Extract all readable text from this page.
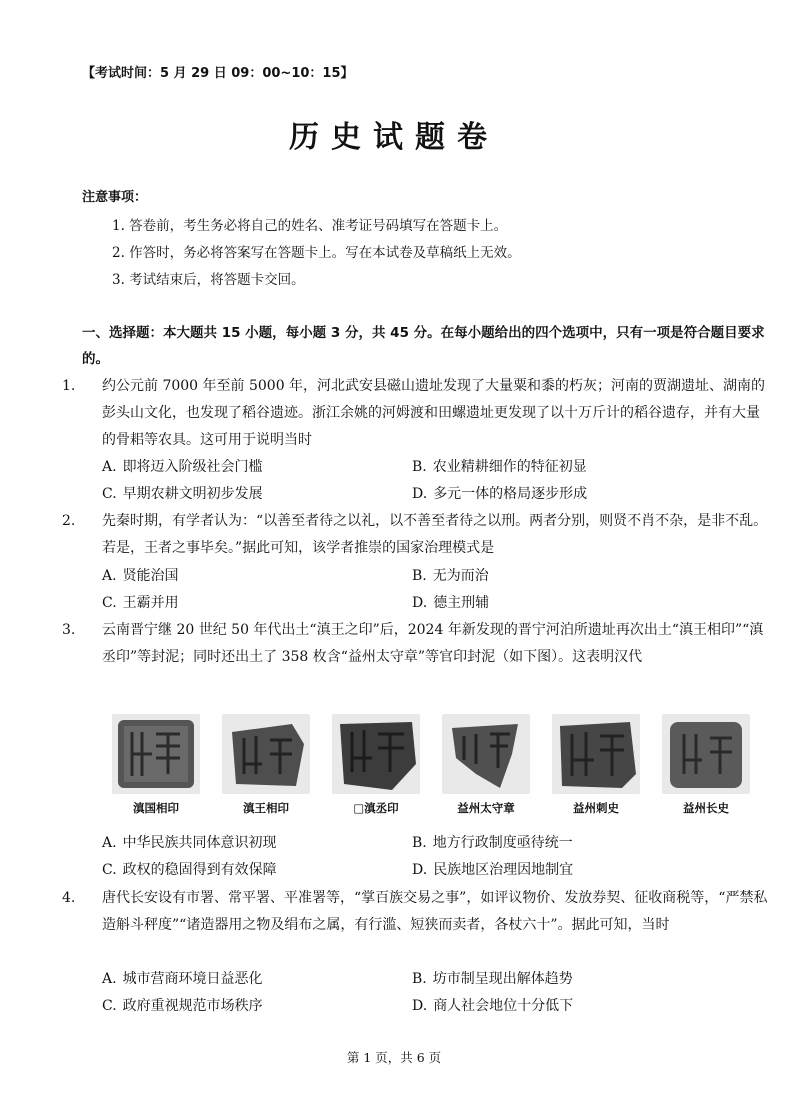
【考试时间：5 月 29 日 09：00~10：15】
历史试题卷
注意事项：
1. 答卷前，考生务必将自己的姓名、准考证号码填写在答题卡上。
2. 作答时，务必将答案写在答题卡上。写在本试卷及草稿纸上无效。
3. 考试结束后，将答题卡交回。
一、选择题：本大题共 15 小题，每小题 3 分，共 45 分。在每小题给出的四个选项中，只有一项是符合题目要求的。
1. 约公元前 7000 年至前 5000 年，河北武安县磁山遗址发现了大量粟和黍的朽灰；河南的贾湖遗址、湖南的彭头山文化，也发现了稻谷遗迹。浙江余姚的河姆渡和田螺遗址更发现了以十万斤计的稻谷遗存，并有大量的骨耜等农具。这可用于说明当时
A. 即将迈入阶级社会门槛	B. 农业精耕细作的特征初显
C. 早期农耕文明初步发展	D. 多元一体的格局逐步形成
2. 先秦时期，有学者认为：“以善至者待之以礼，以不善至者待之以刑。两者分别，则贤不肖不杂，是非不乱。　　若是，王者之事毕矣。”据此可知，该学者推崇的国家治理模式是
A. 贤能治国	B. 无为而治
C. 王霸并用	D. 德主刑辅
3. 云南晋宁继 20 世纪 50 年代出土“滇王之印”后，2024 年新发现的晋宁河泊所遗址再次出土“滇王相印”“滇丞印”等封泥；同时还出土了 358 枚含“益州太守章”等官印封泥（如下图）。这表明汉代
滇国相印	滇王相印	□滇丞印	益州太守章	益州刺史	益州长史
A. 中华民族共同体意识初现	B. 地方行政制度亟待统一
C. 政权的稳固得到有效保障	D. 民族地区治理因地制宜
4. 唐代长安设有市署、常平署、平准署等，“掌百族交易之事”，如评议物价、发放券契、征收商税等，“严禁私造斛斗秤度”“诸造器用之物及绢布之属，有行滥、短狭而卖者，各杖六十”。据此可知，当时
A. 城市营商环境日益恶化	B. 坊市制呈现出解体趋势
C. 政府重视规范市场秩序	D. 商人社会地位十分低下
第 1 页，共 6 页
